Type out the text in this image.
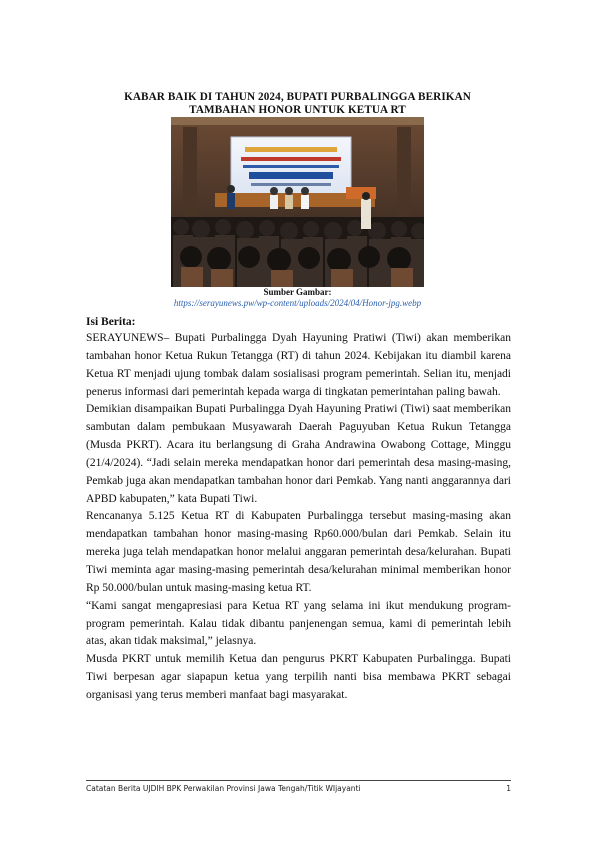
KABAR BAIK DI TAHUN 2024, BUPATI PURBALINGGA BERIKAN
TAMBAHAN HONOR UNTUK KETUA RT
Sumber Gambar:
https://serayunews.pw/wp-content/uploads/2024/04/Honor-jpg.webp
Isi Berita:

SERAYUNEWS– Bupati Purbalingga Dyah Hayuning Pratiwi (Tiwi) akan memberikan tambahan honor Ketua Rukun Tetangga (RT) di tahun 2024. Kebijakan itu diambil karena Ketua RT menjadi ujung tombak dalam sosialisasi program pemerintah. Selian itu, menjadi penerus informasi dari pemerintah kepada warga di tingkatan pemerintahan paling bawah.

Demikian disampaikan Bupati Purbalingga Dyah Hayuning Pratiwi (Tiwi) saat memberikan sambutan dalam pembukaan Musyawarah Daerah Paguyuban Ketua Rukun Tetangga (Musda PKRT). Acara itu berlangsung di Graha Andrawina Owabong Cottage, Minggu (21/4/2024). “Jadi selain mereka mendapatkan honor dari pemerintah desa masing-masing, Pemkab juga akan mendapatkan tambahan honor dari Pemkab. Yang nanti anggarannya dari APBD kabupaten,” kata Bupati Tiwi.

Rencananya 5.125 Ketua RT di Kabupaten Purbalingga tersebut masing-masing akan mendapatkan tambahan honor masing-masing Rp60.000/bulan dari Pemkab. Selain itu mereka juga telah mendapatkan honor melalui anggaran pemerintah desa/kelurahan. Bupati Tiwi meminta agar masing-masing pemerintah desa/kelurahan minimal memberikan honor Rp 50.000/bulan untuk masing-masing ketua RT.

“Kami sangat mengapresiasi para Ketua RT yang selama ini ikut mendukung program-program pemerintah. Kalau tidak dibantu panjenengan semua, kami di pemerintah lebih atas, akan tidak maksimal,” jelasnya.

Musda PKRT untuk memilih Ketua dan pengurus PKRT Kabupaten Purbalingga. Bupati Tiwi berpesan agar siapapun ketua yang terpilih nanti bisa membawa PKRT sebagai organisasi yang terus memberi manfaat bagi masyarakat.

Catatan Berita UJDIH BPK Perwakilan Provinsi Jawa Tengah/Titik WIjayanti	1
